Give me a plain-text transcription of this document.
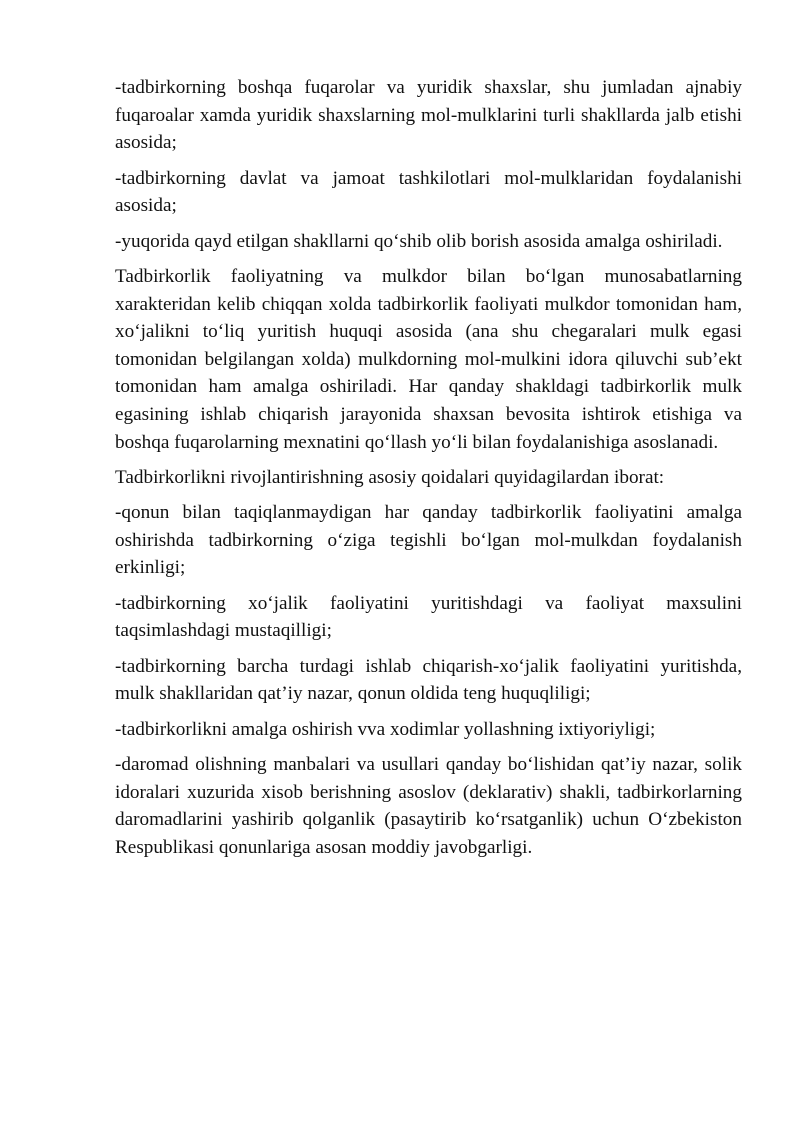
-tadbirkorning boshqa fuqarolar va yuridik shaxslar, shu jumladan ajnabiy fuqaroalar xamda yuridik shaxslarning mol-mulklarini turli shakllarda jalb etishi asosida;

-tadbirkorning davlat va jamoat tashkilotlari mol-mulklaridan foydalanishi asosida;

-yuqorida qayd etilgan shakllarni qo‘shib olib borish asosida amalga oshiriladi.

Tadbirkorlik faoliyatning va mulkdor bilan bo‘lgan munosabatlarning xarakteridan kelib chiqqan xolda tadbirkorlik faoliyati mulkdor tomonidan ham, xo‘jalikni to‘liq yuritish huquqi asosida (ana shu chegaralari mulk egasi tomonidan belgilangan xolda) mulkdorning mol-mulkini idora qiluvchi sub’ekt tomonidan ham amalga oshiriladi. Har qanday shakldagi tadbirkorlik mulk egasining ishlab chiqarish jarayonida shaxsan bevosita ishtirok etishiga va boshqa fuqarolarning mexnatini qo‘llash yo‘li bilan foydalanishiga asoslanadi.

Tadbirkorlikni rivojlantirishning asosiy qoidalari quyidagilardan iborat:

-qonun bilan taqiqlanmaydigan har qanday tadbirkorlik faoliyatini amalga oshirishda tadbirkorning o‘ziga tegishli bo‘lgan mol-mulkdan foydalanish erkinligi;

-tadbirkorning xo‘jalik faoliyatini yuritishdagi va faoliyat maxsulini taqsimlashdagi mustaqilligi;

-tadbirkorning barcha turdagi ishlab chiqarish-xo‘jalik faoliyatini yuritishda, mulk shakllaridan qat’iy nazar, qonun oldida teng huquqliligi;

-tadbirkorlikni amalga oshirish vva xodimlar yollashning ixtiyoriyligi;

-daromad olishning manbalari va usullari qanday bo‘lishidan qat’iy nazar, solik idoralari xuzurida xisob berishning asoslov (deklarativ) shakli, tadbirkorlarning daromadlarini yashirib qolganlik (pasaytirib ko‘rsatganlik) uchun O‘zbekiston Respublikasi qonunlariga asosan moddiy javobgarligi.
